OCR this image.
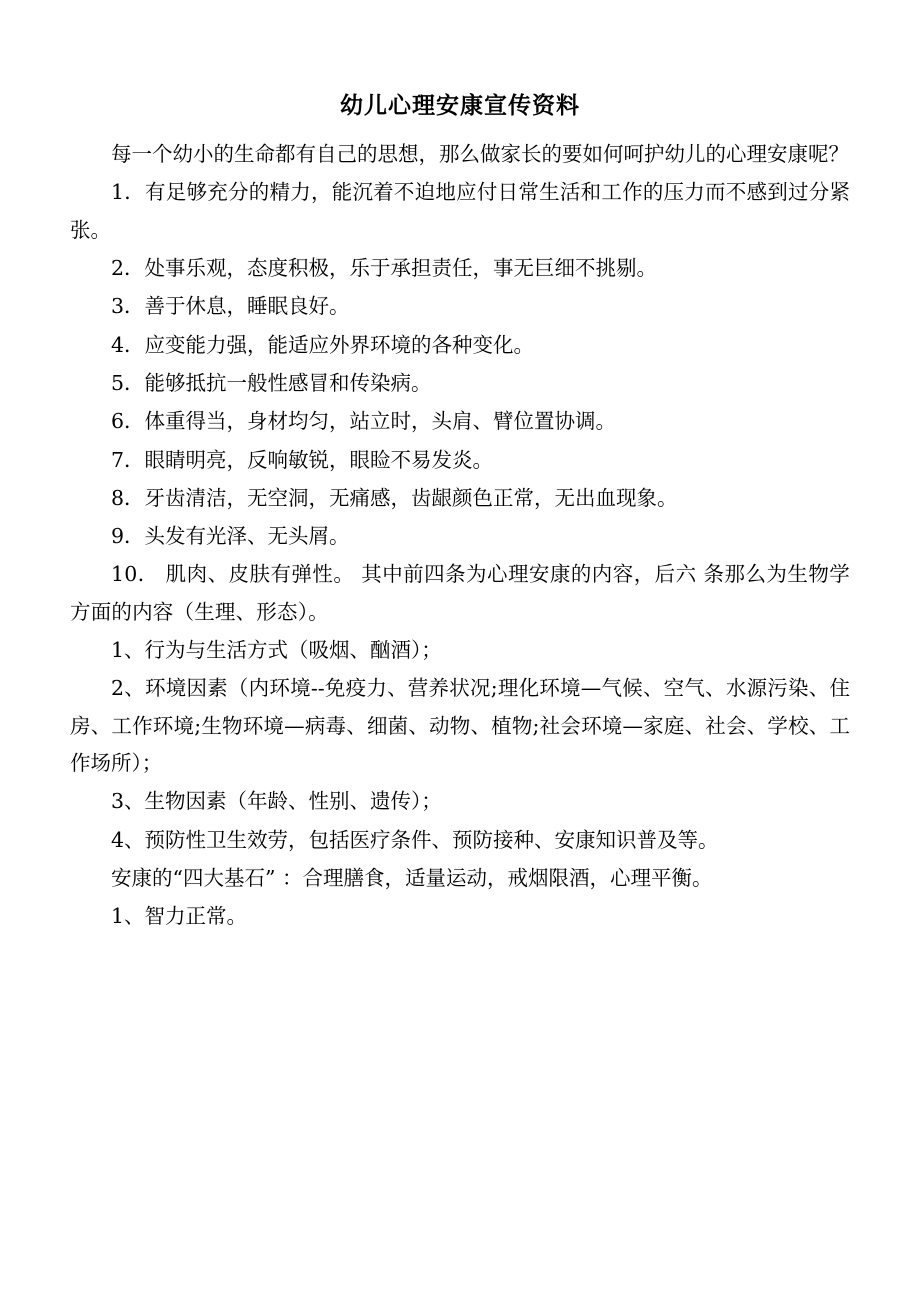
幼儿心理安康宣传资料

每一个幼小的生命都有自己的思想，那么做家长的要如何呵护幼儿的心理安康呢？

1．有足够充分的精力，能沉着不迫地应付日常生活和工作的压力而不感到过分紧张。

2．处事乐观，态度积极，乐于承担责任，事无巨细不挑剔。

3．善于休息，睡眠良好。

4．应变能力强，能适应外界环境的各种变化。

5．能够抵抗一般性感冒和传染病。

6．体重得当，身材均匀，站立时，头肩、臂位置协调。

7．眼睛明亮，反响敏锐，眼睑不易发炎。

8．牙齿清洁，无空洞，无痛感，齿龈颜色正常，无出血现象。

9．头发有光泽、无头屑。

10． 肌肉、皮肤有弹性。 其中前四条为心理安康的内容，后六 条那么为生物学方面的内容（生理、形态）。

1、行为与生活方式（吸烟、酗酒）；

2、环境因素（内环境--免疫力、营养状况;理化环境—气候、空气、水源污染、住房、工作环境;生物环境—病毒、细菌、动物、植物;社会环境—家庭、社会、学校、工作场所）；

3、生物因素（年龄、性别、遗传）；

4、预防性卫生效劳，包括医疗条件、预防接种、安康知识普及等。

安康的“四大基石” ：合理膳食，适量运动，戒烟限酒，心理平衡。

1、智力正常。
